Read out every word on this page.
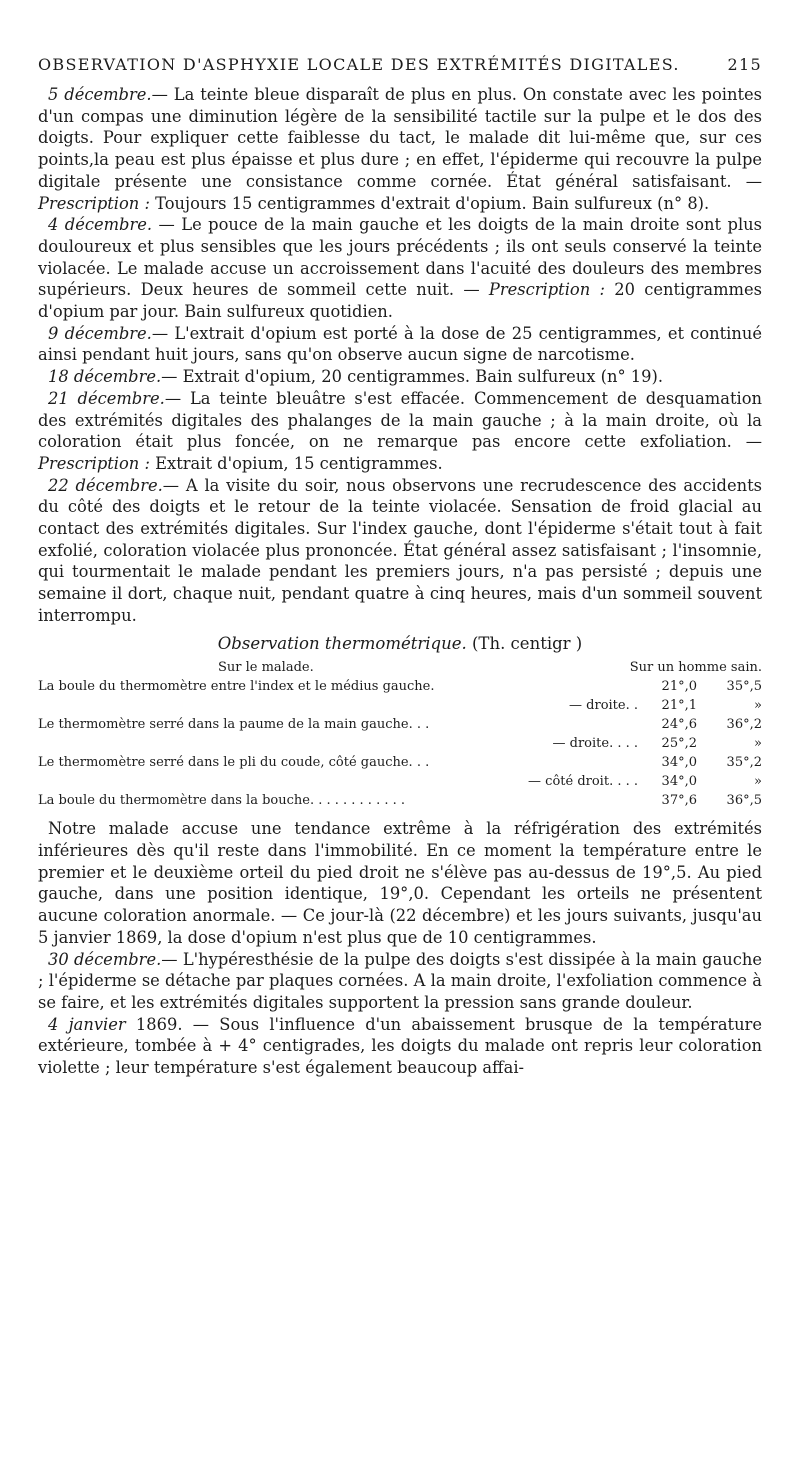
OBSERVATION D'ASPHYXIE LOCALE DES EXTRÉMITÉS DIGITALES.	215

5 décembre.— La teinte bleue disparaît de plus en plus. On constate avec les pointes d'un compas une diminution légère de la sensibilité tactile sur la pulpe et le dos des doigts. Pour expliquer cette faiblesse du tact, le malade dit lui-même que, sur ces points,la peau est plus épaisse et plus dure ; en effet, l'épiderme qui recouvre la pulpe digitale présente une consistance comme cornée. État général satisfaisant. — Prescription : Toujours 15 centigrammes d'extrait d'opium. Bain sulfureux (n° 8).

4 décembre. — Le pouce de la main gauche et les doigts de la main droite sont plus douloureux et plus sensibles que les jours précédents ; ils ont seuls conservé la teinte violacée. Le malade accuse un accroissement dans l'acuité des douleurs des membres supérieurs. Deux heures de sommeil cette nuit. — Prescription : 20 centigrammes d'opium par jour. Bain sulfureux quotidien.

9 décembre.— L'extrait d'opium est porté à la dose de 25 centigrammes, et continué ainsi pendant huit jours, sans qu'on observe aucun signe de narcotisme.

18 décembre.— Extrait d'opium, 20 centigrammes. Bain sulfureux (n° 19).

21 décembre.— La teinte bleuâtre s'est effacée. Commencement de desquamation des extrémités digitales des phalanges de la main gauche ; à la main droite, où la coloration était plus foncée, on ne remarque pas encore cette exfoliation. — Prescription : Extrait d'opium, 15 centigrammes.

22 décembre.— A la visite du soir, nous observons une recrudescence des accidents du côté des doigts et le retour de la teinte violacée. Sensation de froid glacial au contact des extrémités digitales. Sur l'index gauche, dont l'épiderme s'était tout à fait exfolié, coloration violacée plus prononcée. État général assez satisfaisant ; l'insomnie, qui tourmentait le malade pendant les premiers jours, n'a pas persisté ; depuis une semaine il dort, chaque nuit, pendant quatre à cinq heures, mais d'un sommeil souvent interrompu.

Observation thermométrique. (Th. centigr )
Sur le malade.	Sur un homme sain.
La boule du thermomètre entre l'index et le médius gauche.	21°,0	35°,5
— droite. .	21°,1	»
Le thermomètre serré dans la paume de la main gauche. . .	24°,6	36°,2
— droite. . . .	25°,2	»
Le thermomètre serré dans le pli du coude, côté gauche. . .	34°,0	35°,2
— côté droit. . . .	34°,0	»
La boule du thermomètre dans la bouche. . . . . . . . . . . .	37°,6	36°,5

Notre malade accuse une tendance extrême à la réfrigération des extrémités inférieures dès qu'il reste dans l'immobilité. En ce moment la température entre le premier et le deuxième orteil du pied droit ne s'élève pas au-dessus de 19°,5. Au pied gauche, dans une position identique, 19°,0. Cependant les orteils ne présentent aucune coloration anormale. — Ce jour-là (22 décembre) et les jours suivants, jusqu'au 5 janvier 1869, la dose d'opium n'est plus que de 10 centigrammes.

30 décembre.— L'hypéresthésie de la pulpe des doigts s'est dissipée à la main gauche ; l'épiderme se détache par plaques cornées. A la main droite, l'exfoliation commence à se faire, et les extrémités digitales supportent la pression sans grande douleur.

4 janvier 1869. — Sous l'influence d'un abaissement brusque de la température extérieure, tombée à + 4° centigrades, les doigts du malade ont repris leur coloration violette ; leur température s'est également beaucoup affai-
